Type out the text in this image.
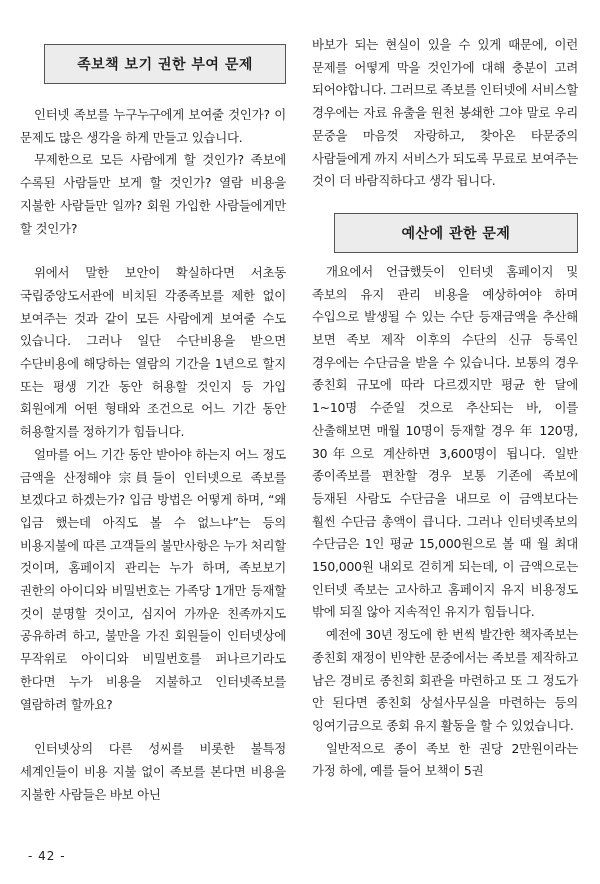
족보책 보기 권한 부여 문제

인터넷 족보를 누구누구에게 보여줄 것인가? 이 문제도 많은 생각을 하게 만들고 있습니다.

무제한으로 모든 사람에게 할 것인가? 족보에 수록된 사람들만 보게 할 것인가? 열람 비용을 지불한 사람들만 일까? 회원 가입한 사람들에게만 할 것인가?

위에서 말한 보안이 확실하다면 서초동 국립중앙도서관에 비치된 각종족보를 제한 없이 보여주는 것과 같이 모든 사람에게 보여줄 수도 있습니다. 그러나 일단 수단비용을 받으면 수단비용에 해당하는 열람의 기간을 1년으로 할지 또는 평생 기간 동안 허용할 것인지 등 가입 회원에게 어떤 형태와 조건으로 어느 기간 동안 허용할지를 정하기가 힘듭니다.

얼마를 어느 기간 동안 받아야 하는지 어느 정도 금액을 산정해야 宗員들이 인터넷으로 족보를 보겠다고 하겠는가? 입금 방법은 어떻게 하며, “왜 입금 했는데 아직도 볼 수 없느냐”는 등의 비용지불에 따른 고객들의 불만사항은 누가 처리할 것이며, 홈페이지 관리는 누가 하며, 족보보기 권한의 아이디와 비밀번호는 가족당 1개만 등재할 것이 분명할 것이고, 심지어 가까운 친족까지도 공유하려 하고, 불만을 가진 회원들이 인터넷상에 무작위로 아이디와 비밀번호를 퍼나르기라도 한다면 누가 비용을 지불하고 인터넷족보를 열람하려 할까요?

인터넷상의 다른 성씨를 비롯한 불특정 세계인들이 비용 지불 없이 족보를 본다면 비용을 지불한 사람들은 바보 아닌

바보가 되는 현실이 있을 수 있게 때문에, 이런 문제를 어떻게 막을 것인가에 대해 충분이 고려 되어야합니다. 그러므로 족보를 인터넷에 서비스할 경우에는 자료 유출을 원천 봉쇄한 그야 말로 우리 문중을 마음껏 자랑하고, 찾아온 타문중의 사람들에게 까지 서비스가 되도록 무료로 보여주는 것이 더 바람직하다고 생각 됩니다.

예산에 관한 문제

개요에서 언급했듯이 인터넷 홈페이지 및 족보의 유지 관리 비용을 예상하여야 하며 수입으로 발생될 수 있는 수단 등재금액을 추산해 보면 족보 제작 이후의 수단의 신규 등록인 경우에는 수단금을 받을 수 있습니다. 보통의 경우 종친회 규모에 따라 다르겠지만 평균 한 달에 1~10명 수준일 것으로 추산되는 바, 이를 산출해보면 매월 10명이 등재할 경우 年 120명, 30年으로 계산하면 3,600명이 됩니다. 일반 종이족보를 편찬할 경우 보통 기존에 족보에 등재된 사람도 수단금을 내므로 이 금액보다는 훨씬 수단금 총액이 큽니다. 그러나 인터넷족보의 수단금은 1인 평균 15,000원으로 볼 때 월 최대 150,000원 내외로 걷히게 되는데, 이 금액으로는 인터넷 족보는 고사하고 홈페이지 유지 비용정도 밖에 되질 않아 지속적인 유지가 힘듭니다.

예전에 30년 정도에 한 번씩 발간한 책자족보는 종친회 재정이 빈약한 문중에서는 족보를 제작하고 남은 경비로 종친회 회관을 마련하고 또 그 정도가 안 된다면 종친회 상설사무실을 마련하는 등의 잉여기금으로 종회 유지 활동을 할 수 있었습니다.

일반적으로 종이 족보 한 권당 2만원이라는 가정 하에, 예를 들어 보책이 5권

- 42 -
